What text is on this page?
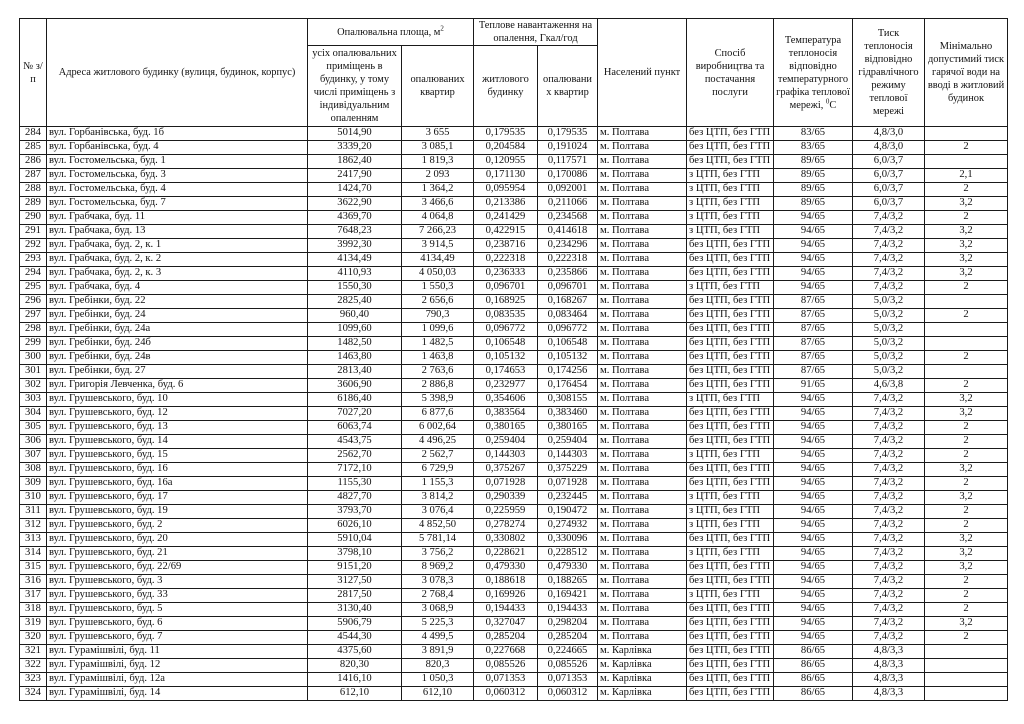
№ з/п	Адреса житлового будинку (вулиця, будинок, корпус)	Опалювальна площа, $м^2$		Теплове навантаження на опалення, Гкал/год		Населений пункт	Спосіб виробництва та постачання послуги	Температура теплоносія відповідно температурного графіка теплової мережі, $^0$C	Тиск теплоносія відповідно гідравлічного режиму теплової мережі	Мінімально допустимий тиск гарячої води на вводі в житловий будинок
		усіх опалювальних приміщень в будинку, у тому числі приміщень з індивідуальним опаленням	опалюваних квартир	житлового будинку	опалювани х квартир					
284	вул. Горбанівська, буд. 1б	5014,90	3 655	0,179535	0,179535	м. Полтава	без ЦТП, без ГТП	83/65	4,8/3,0	
285	вул. Горбанівська, буд. 4	3339,20	3 085,1	0,204584	0,191024	м. Полтава	без ЦТП, без ГТП	83/65	4,8/3,0	2
286	вул. Гостомельська, буд. 1	1862,40	1 819,3	0,120955	0,117571	м. Полтава	без ЦТП, без ГТП	89/65	6,0/3,7	
287	вул. Гостомельська, буд. 3	2417,90	2 093	0,171130	0,170086	м. Полтава	з ЦТП, без ГТП	89/65	6,0/3,7	2,1
288	вул. Гостомельська, буд. 4	1424,70	1 364,2	0,095954	0,092001	м. Полтава	з ЦТП, без ГТП	89/65	6,0/3,7	2
289	вул. Гостомельська, буд. 7	3622,90	3 466,6	0,213386	0,211066	м. Полтава	з ЦТП, без ГТП	89/65	6,0/3,7	3,2
290	вул. Грабчака, буд. 11	4369,70	4 064,8	0,241429	0,234568	м. Полтава	з ЦТП, без ГТП	94/65	7,4/3,2	2
291	вул. Грабчака, буд. 13	7648,23	7 266,23	0,422915	0,414618	м. Полтава	з ЦТП, без ГТП	94/65	7,4/3,2	3,2
292	вул. Грабчака, буд. 2, к. 1	3992,30	3 914,5	0,238716	0,234296	м. Полтава	без ЦТП, без ГТП	94/65	7,4/3,2	3,2
293	вул. Грабчака, буд. 2, к. 2	4134,49	4134,49	0,222318	0,222318	м. Полтава	без ЦТП, без ГТП	94/65	7,4/3,2	3,2
294	вул. Грабчака, буд. 2, к. 3	4110,93	4 050,03	0,236333	0,235866	м. Полтава	без ЦТП, без ГТП	94/65	7,4/3,2	3,2
295	вул. Грабчака, буд. 4	1550,30	1 550,3	0,096701	0,096701	м. Полтава	з ЦТП, без ГТП	94/65	7,4/3,2	2
296	вул. Гребінки, буд. 22	2825,40	2 656,6	0,168925	0,168267	м. Полтава	без ЦТП, без ГТП	87/65	5,0/3,2	
297	вул. Гребінки, буд. 24	960,40	790,3	0,083535	0,083464	м. Полтава	без ЦТП, без ГТП	87/65	5,0/3,2	2
298	вул. Гребінки, буд. 24а	1099,60	1 099,6	0,096772	0,096772	м. Полтава	без ЦТП, без ГТП	87/65	5,0/3,2	
299	вул. Гребінки, буд. 24б	1482,50	1 482,5	0,106548	0,106548	м. Полтава	без ЦТП, без ГТП	87/65	5,0/3,2	
300	вул. Гребінки, буд. 24в	1463,80	1 463,8	0,105132	0,105132	м. Полтава	без ЦТП, без ГТП	87/65	5,0/3,2	2
301	вул. Гребінки, буд. 27	2813,40	2 763,6	0,174653	0,174256	м. Полтава	без ЦТП, без ГТП	87/65	5,0/3,2	
302	вул. Григорія Левченка, буд. 6	3606,90	2 886,8	0,232977	0,176454	м. Полтава	без ЦТП, без ГТП	91/65	4,6/3,8	2
303	вул. Грушевського, буд. 10	6186,40	5 398,9	0,354606	0,308155	м. Полтава	з ЦТП, без ГТП	94/65	7,4/3,2	3,2
304	вул. Грушевського, буд. 12	7027,20	6 877,6	0,383564	0,383460	м. Полтава	без ЦТП, без ГТП	94/65	7,4/3,2	3,2
305	вул. Грушевського, буд. 13	6063,74	6 002,64	0,380165	0,380165	м. Полтава	без ЦТП, без ГТП	94/65	7,4/3,2	2
306	вул. Грушевського, буд. 14	4543,75	4 496,25	0,259404	0,259404	м. Полтава	без ЦТП, без ГТП	94/65	7,4/3,2	2
307	вул. Грушевського, буд. 15	2562,70	2 562,7	0,144303	0,144303	м. Полтава	з ЦТП, без ГТП	94/65	7,4/3,2	2
308	вул. Грушевського, буд. 16	7172,10	6 729,9	0,375267	0,375229	м. Полтава	без ЦТП, без ГТП	94/65	7,4/3,2	3,2
309	вул. Грушевського, буд. 16а	1155,30	1 155,3	0,071928	0,071928	м. Полтава	без ЦТП, без ГТП	94/65	7,4/3,2	2
310	вул. Грушевського, буд. 17	4827,70	3 814,2	0,290339	0,232445	м. Полтава	з ЦТП, без ГТП	94/65	7,4/3,2	3,2
311	вул. Грушевського, буд. 19	3793,70	3 076,4	0,225959	0,190472	м. Полтава	з ЦТП, без ГТП	94/65	7,4/3,2	2
312	вул. Грушевського, буд. 2	6026,10	4 852,50	0,278274	0,274932	м. Полтава	з ЦТП, без ГТП	94/65	7,4/3,2	2
313	вул. Грушевського, буд. 20	5910,04	5 781,14	0,330802	0,330096	м. Полтава	без ЦТП, без ГТП	94/65	7,4/3,2	3,2
314	вул. Грушевського, буд. 21	3798,10	3 756,2	0,228621	0,228512	м. Полтава	з ЦТП, без ГТП	94/65	7,4/3,2	3,2
315	вул. Грушевського, буд. 22/69	9151,20	8 969,2	0,479330	0,479330	м. Полтава	без ЦТП, без ГТП	94/65	7,4/3,2	3,2
316	вул. Грушевського, буд. 3	3127,50	3 078,3	0,188618	0,188265	м. Полтава	без ЦТП, без ГТП	94/65	7,4/3,2	2
317	вул. Грушевського, буд. 33	2817,50	2 768,4	0,169926	0,169421	м. Полтава	з ЦТП, без ГТП	94/65	7,4/3,2	2
318	вул. Грушевського, буд. 5	3130,40	3 068,9	0,194433	0,194433	м. Полтава	без ЦТП, без ГТП	94/65	7,4/3,2	2
319	вул. Грушевського, буд. 6	5906,79	5 225,3	0,327047	0,298204	м. Полтава	без ЦТП, без ГТП	94/65	7,4/3,2	3,2
320	вул. Грушевського, буд. 7	4544,30	4 499,5	0,285204	0,285204	м. Полтава	без ЦТП, без ГТП	94/65	7,4/3,2	2
321	вул. Гурамішвілі, буд. 11	4375,60	3 891,9	0,227668	0,224665	м. Карлівка	без ЦТП, без ГТП	86/65	4,8/3,3	
322	вул. Гурамішвілі, буд. 12	820,30	820,3	0,085526	0,085526	м. Карлівка	без ЦТП, без ГТП	86/65	4,8/3,3	
323	вул. Гурамішвілі, буд. 12а	1416,10	1 050,3	0,071353	0,071353	м. Карлівка	без ЦТП, без ГТП	86/65	4,8/3,3	
324	вул. Гурамішвілі, буд. 14	612,10	612,10	0,060312	0,060312	м. Карлівка	без ЦТП, без ГТП	86/65	4,8/3,3	
